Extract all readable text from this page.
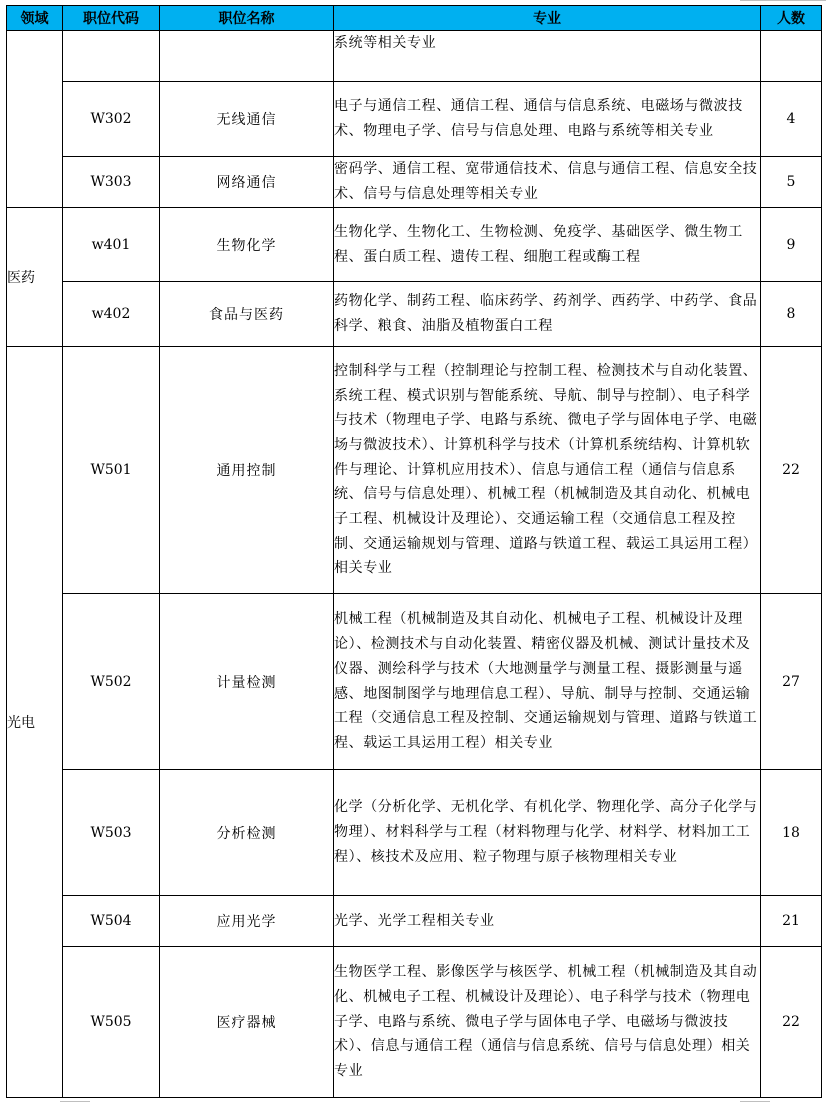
领域	职位代码	职位名称	专业	人数
			系统等相关专业	
	W302	无线通信	电子与通信工程、通信工程、通信与信息系统、电磁场与微波技术、物理电子学、信号与信息处理、电路与系统等相关专业	4
	W303	网络通信	密码学、通信工程、宽带通信技术、信息与通信工程、信息安全技术、信号与信息处理等相关专业	5
医药	w401	生物化学	生物化学、生物化工、生物检测、免疫学、基础医学、微生物工程、蛋白质工程、遗传工程、细胞工程或酶工程	9
	w402	食品与医药	药物化学、制药工程、临床药学、药剂学、西药学、中药学、食品科学、粮食、油脂及植物蛋白工程	8
光电	W501	通用控制	控制科学与工程（控制理论与控制工程、检测技术与自动化装置、系统工程、模式识别与智能系统、导航、制导与控制）、电子科学与技术（物理电子学、电路与系统、微电子学与固体电子学、电磁场与微波技术）、计算机科学与技术（计算机系统结构、计算机软件与理论、计算机应用技术）、信息与通信工程（通信与信息系统、信号与信息处理）、机械工程（机械制造及其自动化、机械电子工程、机械设计及理论）、交通运输工程（交通信息工程及控制、交通运输规划与管理、道路与铁道工程、载运工具运用工程）相关专业	22
	W502	计量检测	机械工程（机械制造及其自动化、机械电子工程、机械设计及理论）、检测技术与自动化装置、精密仪器及机械、测试计量技术及仪器、测绘科学与技术（大地测量学与测量工程、摄影测量与遥感、地图制图学与地理信息工程）、导航、制导与控制、交通运输工程（交通信息工程及控制、交通运输规划与管理、道路与铁道工程、载运工具运用工程）相关专业	27
	W503	分析检测	化学（分析化学、无机化学、有机化学、物理化学、高分子化学与物理）、材料科学与工程（材料物理与化学、材料学、材料加工工程）、核技术及应用、粒子物理与原子核物理相关专业	18
	W504	应用光学	光学、光学工程相关专业	21
	W505	医疗器械	生物医学工程、影像医学与核医学、机械工程（机械制造及其自动化、机械电子工程、机械设计及理论）、电子科学与技术（物理电子学、电路与系统、微电子学与固体电子学、电磁场与微波技术）、信息与通信工程（通信与信息系统、信号与信息处理）相关专业	22
